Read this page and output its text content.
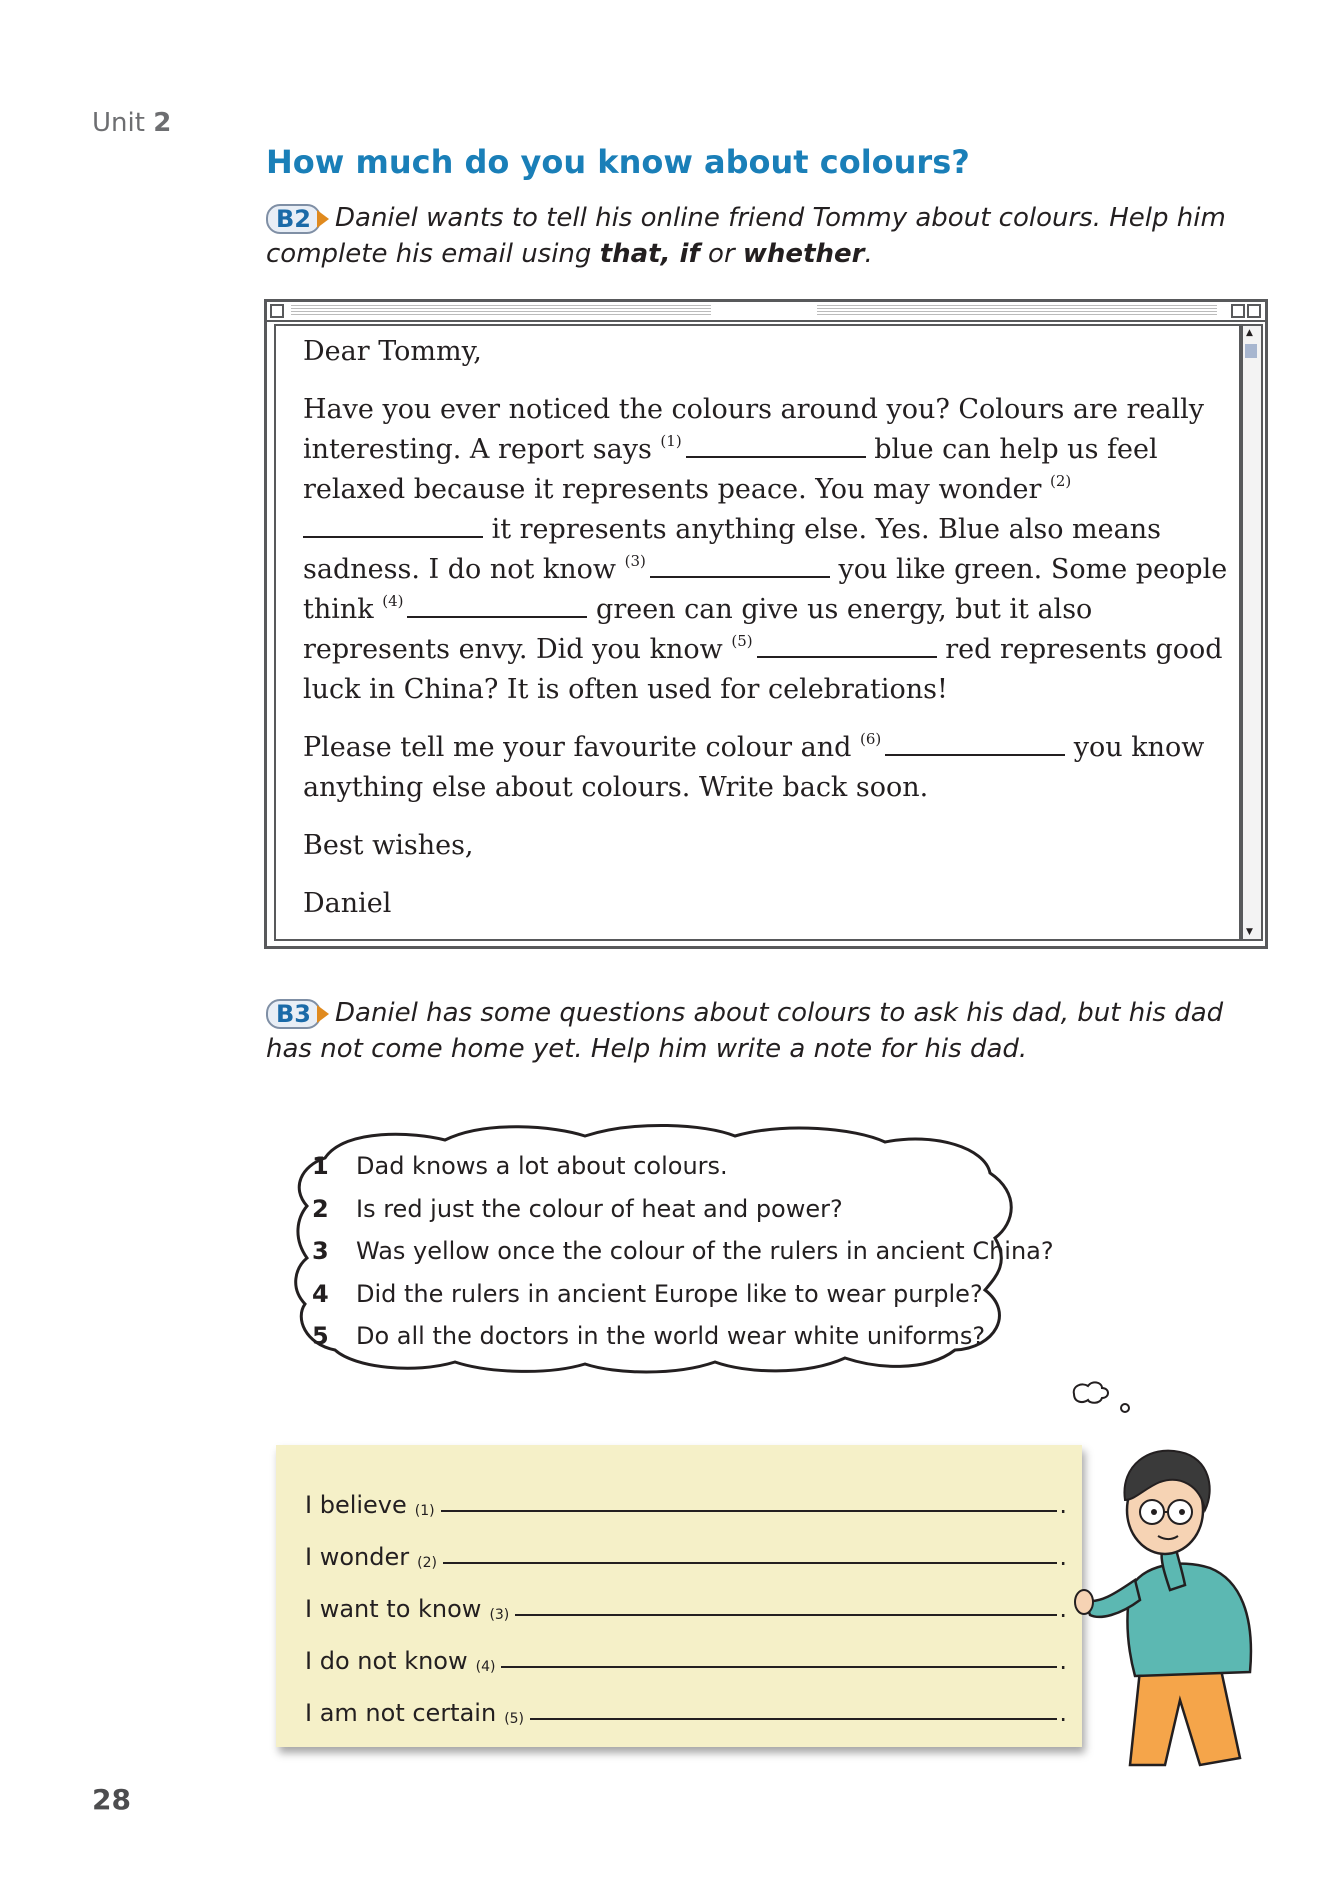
Unit 2
How much do you know about colours?
B2 Daniel wants to tell his online friend Tommy about colours. Help him complete his email using that, if or whether.
▲
▼

Dear Tommy,

Have you ever noticed the colours around you? Colours are really interesting. A report says $^{(1)}$	blue can help us feel relaxed because it represents peace. You may wonder $^{(2)}$ it represents anything else. Yes. Blue also means sadness. I do not know $^{(3)}$	you like green. Some people think $^{(4)}$	green can give us energy, but it also represents envy. Did you know $^{(5)}$	red represents good luck in China? It is often used for celebrations!

Please tell me your favourite colour and $^{(6)}$	you know anything else about colours. Write back soon.

Best wishes,

Daniel

B3 Daniel has some questions about colours to ask his dad, but his dad has not come home yet. Help him write a note for his dad.
1	Dad knows a lot about colours.
2	Is red just the colour of heat and power?
3	Was yellow once the colour of the rulers in ancient China?
4	Did the rulers in ancient Europe like to wear purple?
5	Do all the doctors in the world wear white uniforms?
I believe (1)	.
I wonder (2)	.
I want to know (3)	.
I do not know (4)	.
I am not certain (5)	.
28
